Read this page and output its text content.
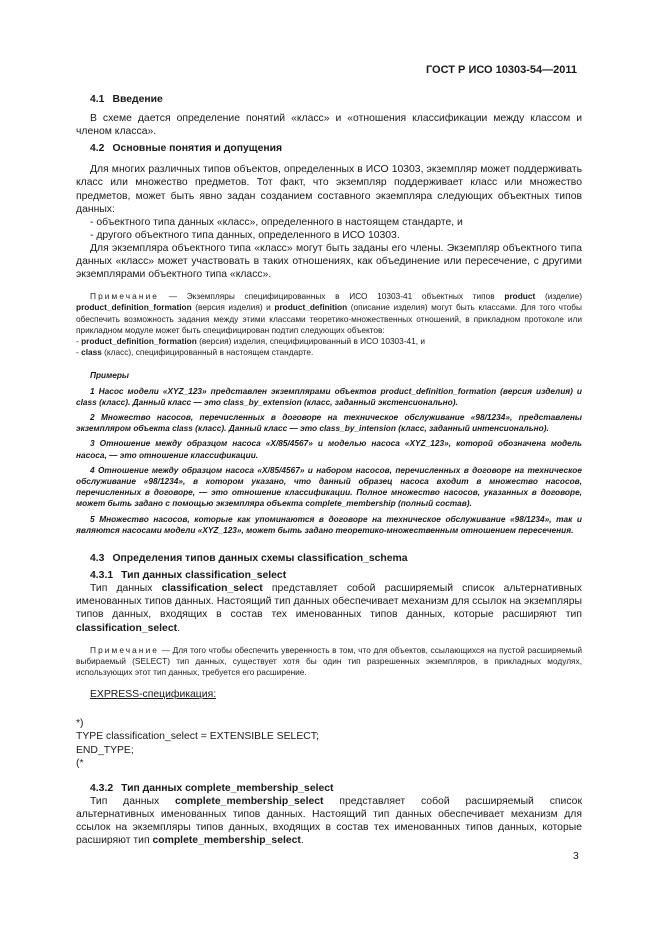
ГОСТ Р ИСО 10303-54—2011

4.1 Введение

В схеме дается определение понятий «класс» и «отношения классификации между классом и членом класса».

4.2 Основные понятия и допущения

Для многих различных типов объектов, определенных в ИСО 10303, экземпляр может поддерживать класс или множество предметов. Тот факт, что экземпляр поддерживает класс или множество предметов, может быть явно задан созданием составного экземпляра следующих объектных типов данных:

- объектного типа данных «класс», определенного в настоящем стандарте, и

- другого объектного типа данных, определенного в ИСО 10303.

Для экземпляра объектного типа «класс» могут быть заданы его члены. Экземпляр объектного типа данных «класс» может участвовать в таких отношениях, как объединение или пересечение, с другими экземплярами объектного типа «класс».

Примечание — Экземпляры специфицированных в ИСО 10303-41 объектных типов product (изделие) product_definition_formation (версия изделия) и product_definition (описание изделия) могут быть классами. Для того чтобы обеспечить возможность задания между этими классами теоретико-множественных отношений, в прикладном протоколе или прикладном модуле может быть специфицирован подтип следующих объектов:

- product_definition_formation (версия) изделия, специфицированный в ИСО 10303-41, и

- class (класс), специфицированный в настоящем стандарте.

Примеры

1 Насос модели «XYZ_123» представлен экземплярами объектов product_definition_formation (версия изделия) и class (класс). Данный класс — это class_by_extension (класс, заданный экстенсионально).

2 Множество насосов, перечисленных в договоре на техническое обслуживание «98/1234», представлены экземпляром объекта class (класс). Данный класс — это class_by_intension (класс, заданный интенсионально).

3 Отношение между образцом насоса «X/85/4567» и моделью насоса «XYZ_123», которой обозначена модель насоса, — это отношение классификации.

4 Отношение между образцом насоса «X/85/4567» и набором насосов, перечисленных в договоре на техническое обслуживание «98/1234», в котором указано, что данный образец насоса входит в множество насосов, перечисленных в договоре, — это отношение классификации. Полное множество насосов, указанных в договоре, может быть задано с помощью экземпляра объекта complete_membership (полный состав).

5 Множество насосов, которые как упоминаются в договоре на техническое обслуживание «98/1234», так и являются насосами модели «XYZ_123», может быть задано теоретико-множественным отношением пересечения.

4.3 Определения типов данных схемы classification_schema

4.3.1 Тип данных classification_select

Тип данных classification_select представляет собой расширяемый список альтернативных именованных типов данных. Настоящий тип данных обеспечивает механизм для ссылок на экземпляры типов данных, входящих в состав тех именованных типов данных, которые расширяют тип classification_select.

Примечание — Для того чтобы обеспечить уверенность в том, что для объектов, ссылающихся на пустой расширяемый выбираемый (SELECT) тип данных, существует хотя бы один тип разрешенных экземпляров, в прикладных модулях, использующих этот тип данных, требуется его расширение.

EXPRESS-спецификация:

*)

TYPE classification_select = EXTENSIBLE SELECT;

END_TYPE;

(*

4.3.2 Тип данных complete_membership_select

Тип данных complete_membership_select представляет собой расширяемый список альтернативных именованных типов данных. Настоящий тип данных обеспечивает механизм для ссылок на экземпляры типов данных, входящих в состав тех именованных типов данных, которые расширяют тип complete_membership_select.

3
